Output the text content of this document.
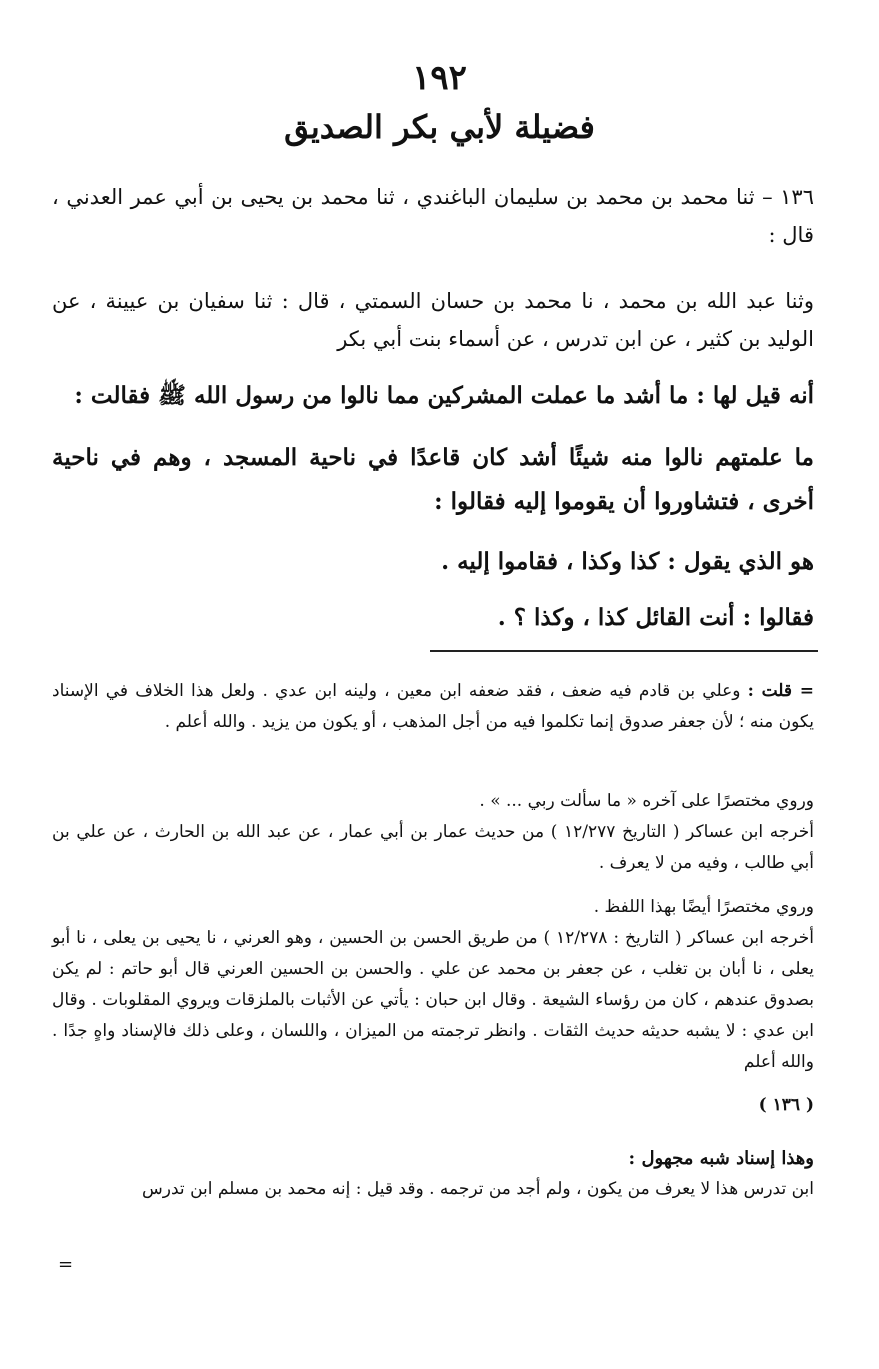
١٩٢
فضيلة لأبي بكر الصديق
١٣٦ – ثنا محمد بن محمد بن سليمان الباغندي ، ثنا محمد بن يحيى بن أبي عمر العدني ، قال :
وثنا عبد الله بن محمد ، نا محمد بن حسان السمتي ، قال : ثنا سفيان بن عيينة ، عن الوليد بن كثير ، عن ابن تدرس ، عن أسماء بنت أبي بكر
أنه قيل لها : ما أشد ما عملت المشركين مما نالوا من رسول الله ﷺ فقالت :
ما علمتهم نالوا منه شيئًا أشد كان قاعدًا في ناحية المسجد ، وهم في ناحية أخرى ، فتشاوروا أن يقوموا إليه فقالوا :
هو الذي يقول : كذا وكذا ، فقاموا إليه .
فقالوا : أنت القائل كذا ، وكذا ؟ .
= قلت : وعلي بن قادم فيه ضعف ، فقد ضعفه ابن معين ، ولينه ابن عدي . ولعل هذا الخلاف في الإسناد يكون منه ؛ لأن جعفر صدوق إنما تكلموا فيه من أجل المذهب ، أو يكون من يزيد . والله أعلم .
وروي مختصرًا على آخره « ما سألت ربي ... » .
أخرجه ابن عساكر ( التاريخ ١٢/٢٧٧ ) من حديث عمار بن أبي عمار ، عن عبد الله بن الحارث ، عن علي بن أبي طالب ، وفيه من لا يعرف .
وروي مختصرًا أيضًا بهذا اللفظ .
أخرجه ابن عساكر ( التاريخ : ١٢/٢٧٨ ) من طريق الحسن بن الحسين ، وهو العرني ، نا يحيى بن يعلى ، نا أبو يعلى ، نا أبان بن تغلب ، عن جعفر بن محمد عن علي . والحسن بن الحسين العرني قال أبو حاتم : لم يكن بصدوق عندهم ، كان من رؤساء الشيعة . وقال ابن حبان : يأتي عن الأثبات بالملزقات ويروي المقلوبات . وقال ابن عدي : لا يشبه حديثه حديث الثقات . وانظر ترجمته من الميزان ، واللسان ، وعلى ذلك فالإسناد واهٍ جدًا . والله أعلم
( ١٣٦ )
وهذا إسناد شبه مجهول :
ابن تدرس هذا لا يعرف من يكون ، ولم أجد من ترجمه . وقد قيل : إنه محمد بن مسلم ابن تدرس
=
